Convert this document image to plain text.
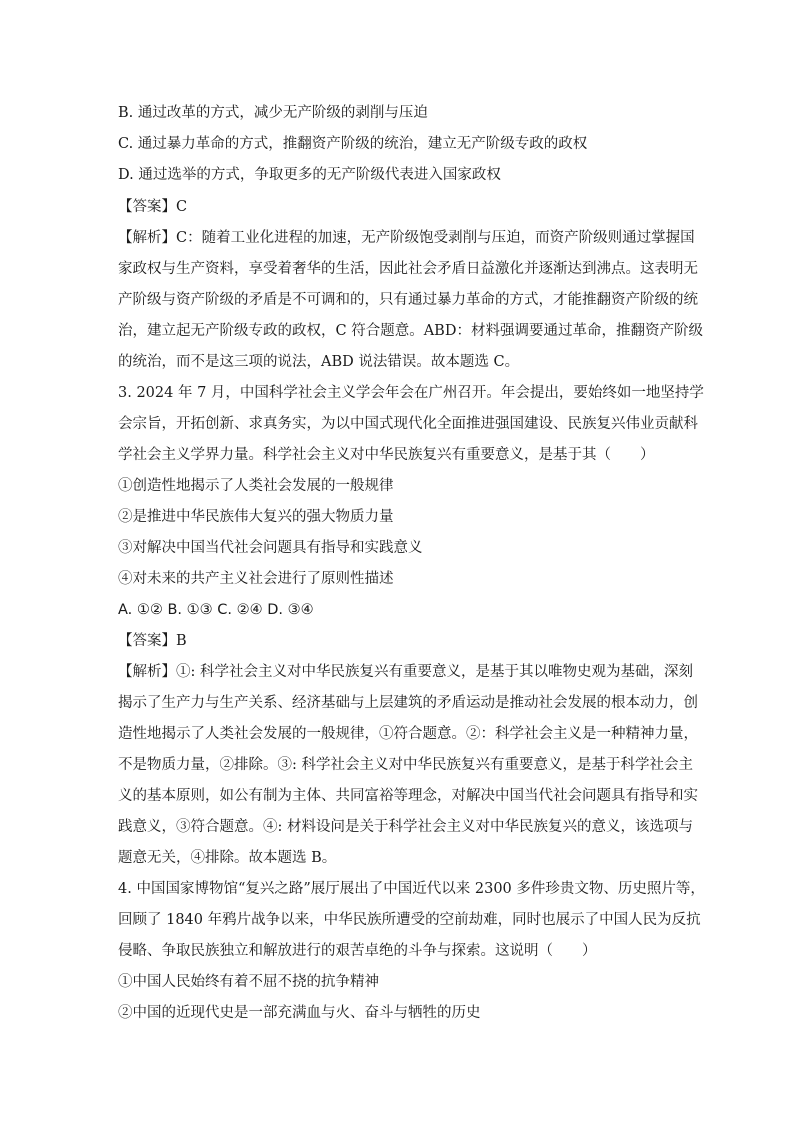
B. 通过改革的方式，减少无产阶级的剥削与压迫
C. 通过暴力革命的方式，推翻资产阶级的统治，建立无产阶级专政的政权
D. 通过选举的方式，争取更多的无产阶级代表进入国家政权
【答案】C
【解析】C：随着工业化进程的加速，无产阶级饱受剥削与压迫，而资产阶级则通过掌握国
家政权与生产资料，享受着奢华的生活，因此社会矛盾日益激化并逐渐达到沸点。这表明无
产阶级与资产阶级的矛盾是不可调和的，只有通过暴力革命的方式，才能推翻资产阶级的统
治，建立起无产阶级专政的政权，C 符合题意。ABD：材料强调要通过革命，推翻资产阶级
的统治，而不是这三项的说法，ABD 说法错误。故本题选 C。
3. 2024 年 7 月，中国科学社会主义学会年会在广州召开。年会提出，要始终如一地坚持学
会宗旨，开拓创新、求真务实，为以中国式现代化全面推进强国建设、民族复兴伟业贡献科
学社会主义学界力量。科学社会主义对中华民族复兴有重要意义，是基于其（　　）
①创造性地揭示了人类社会发展的一般规律
②是推进中华民族伟大复兴的强大物质力量
③对解决中国当代社会问题具有指导和实践意义
④对未来的共产主义社会进行了原则性描述
A. ①② B. ①③ C. ②④ D. ③④
【答案】B
【解析】①: 科学社会主义对中华民族复兴有重要意义，是基于其以唯物史观为基础，深刻
揭示了生产力与生产关系、经济基础与上层建筑的矛盾运动是推动社会发展的根本动力，创
造性地揭示了人类社会发展的一般规律，①符合题意。②：科学社会主义是一种精神力量，
不是物质力量，②排除。③: 科学社会主义对中华民族复兴有重要意义，是基于科学社会主
义的基本原则，如公有制为主体、共同富裕等理念，对解决中国当代社会问题具有指导和实
践意义，③符合题意。④: 材料设问是关于科学社会主义对中华民族复兴的意义，该选项与
题意无关，④排除。故本题选 B。
4. 中国国家博物馆“复兴之路”展厅展出了中国近代以来 2300 多件珍贵文物、历史照片等，
回顾了 1840 年鸦片战争以来，中华民族所遭受的空前劫难，同时也展示了中国人民为反抗
侵略、争取民族独立和解放进行的艰苦卓绝的斗争与探索。这说明（　　）
①中国人民始终有着不屈不挠的抗争精神
②中国的近现代史是一部充满血与火、奋斗与牺牲的历史
